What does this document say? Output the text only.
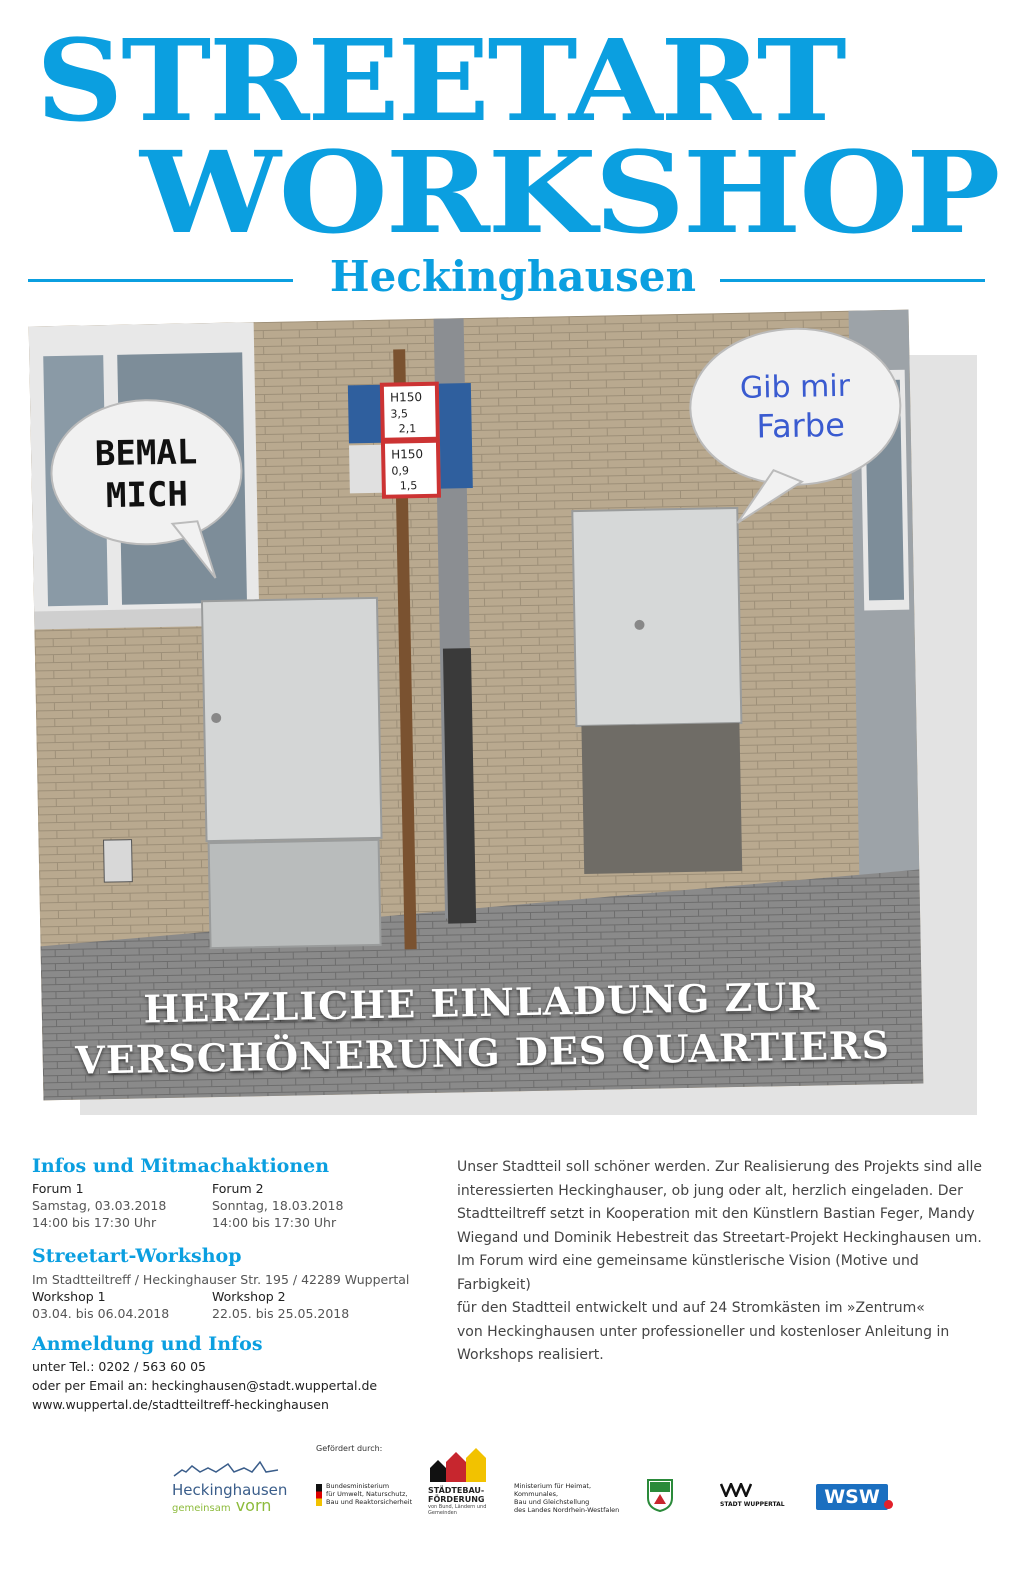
STREETART
WORKSHOP
Heckinghausen
H150
3,5
2,1
H150
0,9
1,5
BEMAL
MICH
Gib mir
Farbe
HERZLICHE EINLADUNG ZUR
VERSCHÖNERUNG DES QUARTIERS
Infos und Mitmachaktionen
Forum 1
Samstag, 03.03.2018
14:00 bis 17:30 Uhr
Forum 2
Sonntag, 18.03.2018
14:00 bis 17:30 Uhr
Streetart-Workshop
Im Stadtteiltreff / Heckinghauser Str. 195 / 42289 Wuppertal
Workshop 1
03.04. bis 06.04.2018
Workshop 2
22.05. bis 25.05.2018
Anmeldung und Infos
unter Tel.: 0202 / 563 60 05
oder per Email an: heckinghausen@stadt.wuppertal.de
www.wuppertal.de/stadtteiltreff-heckinghausen

Unser Stadtteil soll schöner werden. Zur Realisierung des Projekts sind alle

interessierten Heckinghauser, ob jung oder alt, herzlich eingeladen. Der

Stadtteiltreff setzt in Kooperation mit den Künstlern Bastian Feger, Mandy

Wiegand und Dominik Hebestreit das Streetart-Projekt Heckinghausen um.

Im Forum wird eine gemeinsame künstlerische Vision (Motive und Farbigkeit)

für den Stadtteil entwickelt und auf 24 Stromkästen im »Zentrum«

von Heckinghausen unter professioneller und kostenloser Anleitung in

Workshops realisiert.

Gefördert durch:
Heckinghausen
gemeinsam vorn
Bundesministerium
für Umwelt, Naturschutz,
Bau und Reaktorsicherheit
STÄDTEBAU-
FÖRDERUNG
von Bund, Ländern und Gemeinden
Ministerium für Heimat, Kommunales,
Bau und Gleichstellung
des Landes Nordrhein-Westfalen
STADT WUPPERTAL	WSW
